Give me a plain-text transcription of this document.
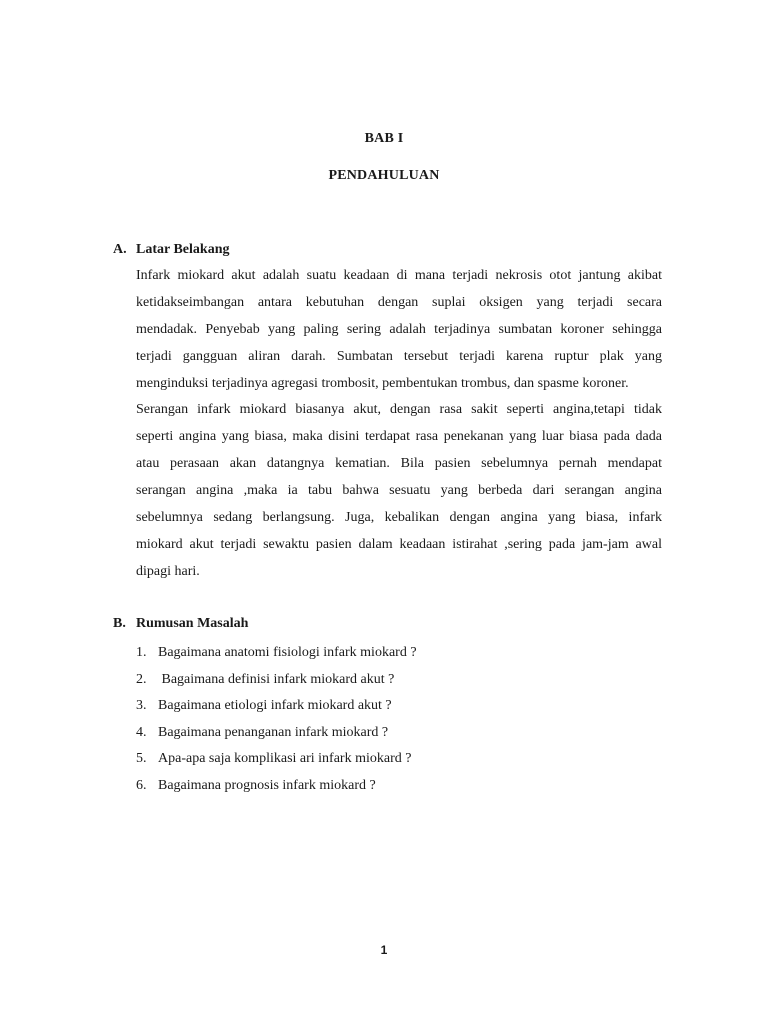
BAB I
PENDAHULUAN
A. Latar Belakang
Infark miokard akut adalah suatu keadaan di mana terjadi nekrosis otot jantung akibat
ketidakseimbangan antara kebutuhan dengan suplai oksigen yang terjadi secara
mendadak. Penyebab yang paling sering adalah terjadinya sumbatan koroner sehingga
terjadi gangguan aliran darah. Sumbatan tersebut terjadi karena ruptur plak yang
menginduksi terjadinya agregasi trombosit, pembentukan trombus, dan spasme koroner.
Serangan infark miokard biasanya akut, dengan rasa sakit seperti angina,tetapi tidak
seperti angina yang biasa, maka disini terdapat rasa penekanan yang luar biasa pada dada
atau perasaan akan datangnya kematian. Bila pasien sebelumnya pernah mendapat
serangan angina ,maka ia tabu bahwa sesuatu yang berbeda dari serangan angina
sebelumnya sedang berlangsung. Juga, kebalikan dengan angina yang biasa, infark
miokard akut terjadi sewaktu pasien dalam keadaan istirahat ,sering pada jam-jam awal
dipagi hari.
B. Rumusan Masalah
1. Bagaimana anatomi fisiologi infark miokard ?
2. Bagaimana definisi infark miokard akut ?
3. Bagaimana etiologi infark miokard akut ?
4. Bagaimana penanganan infark miokard ?
5. Apa-apa saja komplikasi ari infark miokard ?
6. Bagaimana prognosis infark miokard ?
1
